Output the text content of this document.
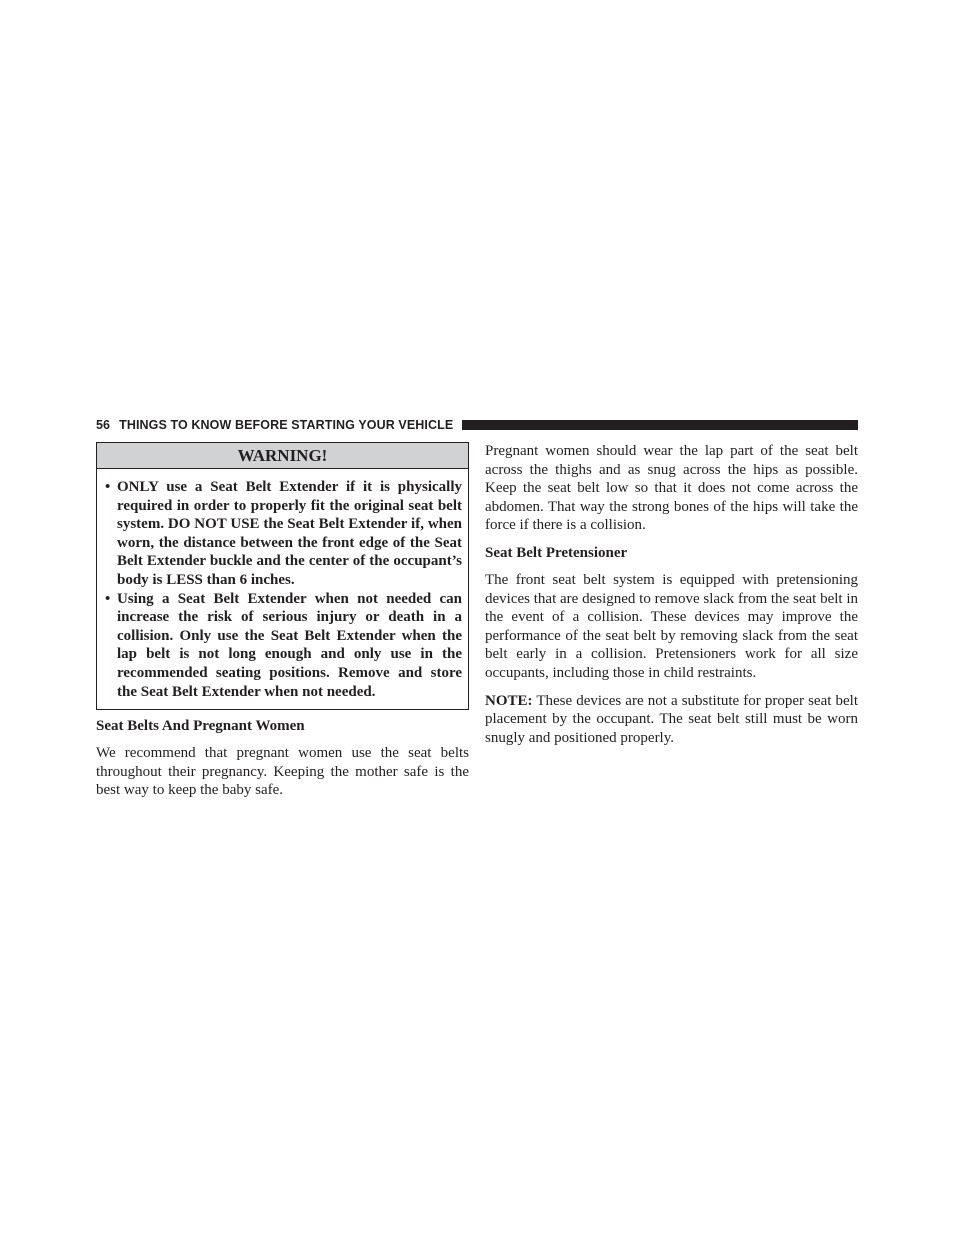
56 THINGS TO KNOW BEFORE STARTING YOUR VEHICLE
WARNING!
• ONLY use a Seat Belt Extender if it is physically required in order to properly fit the original seat belt system. DO NOT USE the Seat Belt Extender if, when worn, the distance between the front edge of the Seat Belt Extender buckle and the center of the occupant’s body is LESS than 6 inches.
• Using a Seat Belt Extender when not needed can increase the risk of serious injury or death in a collision. Only use the Seat Belt Extender when the lap belt is not long enough and only use in the recommended seating positions. Remove and store the Seat Belt Extender when not needed.
Seat Belts And Pregnant Women

We recommend that pregnant women use the seat belts throughout their pregnancy. Keeping the mother safe is the best way to keep the baby safe.

Pregnant women should wear the lap part of the seat belt across the thighs and as snug across the hips as possible. Keep the seat belt low so that it does not come across the abdomen. That way the strong bones of the hips will take the force if there is a collision.

Seat Belt Pretensioner

The front seat belt system is equipped with pretensioning devices that are designed to remove slack from the seat belt in the event of a collision. These devices may improve the performance of the seat belt by removing slack from the seat belt early in a collision. Pretensioners work for all size occupants, including those in child restraints.

NOTE: These devices are not a substitute for proper seat belt placement by the occupant. The seat belt still must be worn snugly and positioned properly.
